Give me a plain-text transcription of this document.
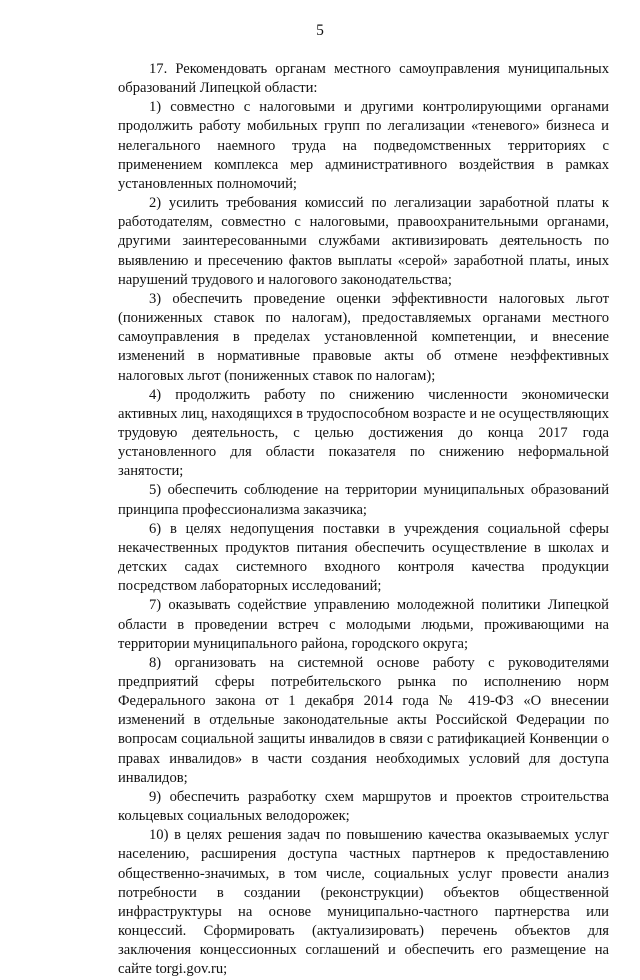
5

17. Рекомендовать органам местного самоуправления муниципальных образований Липецкой области:

1) совместно с налоговыми и другими контролирующими органами продолжить работу мобильных групп по легализации «теневого» бизнеса и нелегального наемного труда на подведомственных территориях с применением комплекса мер административного воздействия в рамках установленных полномочий;

2) усилить требования комиссий по легализации заработной платы к работодателям, совместно с налоговыми, правоохранительными органами, другими заинтересованными службами активизировать деятельность по выявлению и пресечению фактов выплаты «серой» заработной платы, иных нарушений трудового и налогового законодательства;

3) обеспечить проведение оценки эффективности налоговых льгот (пониженных ставок по налогам), предоставляемых органами местного самоуправления в пределах установленной компетенции, и внесение изменений в нормативные правовые акты об отмене неэффективных налоговых льгот (пониженных ставок по налогам);

4) продолжить работу по снижению численности экономически активных лиц, находящихся в трудоспособном возрасте и не осуществляющих трудовую деятельность, с целью достижения до конца 2017 года установленного для области показателя по снижению неформальной занятости;

5) обеспечить соблюдение на территории муниципальных образований принципа профессионализма заказчика;

6) в целях недопущения поставки в учреждения социальной сферы некачественных продуктов питания обеспечить осуществление в школах и детских садах системного входного контроля качества продукции посредством лабораторных исследований;

7) оказывать содействие управлению молодежной политики Липецкой области в проведении встреч с молодыми людьми, проживающими на территории муниципального района, городского округа;

8) организовать на системной основе работу с руководителями предприятий сферы потребительского рынка по исполнению норм Федерального закона от 1 декабря 2014 года № 419-ФЗ «О внесении изменений в отдельные законодательные акты Российской Федерации по вопросам социальной защиты инвалидов в связи с ратификацией Конвенции о правах инвалидов» в части создания необходимых условий для доступа инвалидов;

9) обеспечить разработку схем маршрутов и проектов строительства кольцевых социальных велодорожек;

10) в целях решения задач по повышению качества оказываемых услуг населению, расширения доступа частных партнеров к предоставлению общественно-значимых, в том числе, социальных услуг провести анализ потребности в создании (реконструкции) объектов общественной инфраструктуры на основе муниципально-частного партнерства или концессий. Сформировать (актуализировать) перечень объектов для заключения концессионных соглашений и обеспечить его размещение на сайте torgi.gov.ru;
